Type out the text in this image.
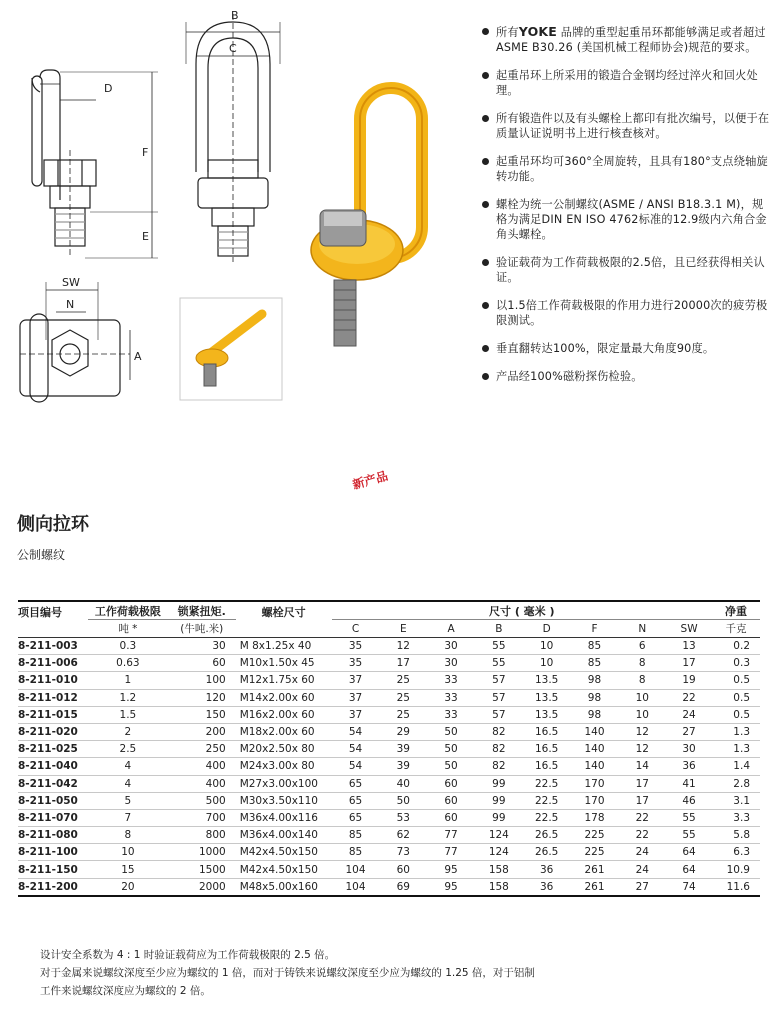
B
C
D
F
E
SW
N
A
所有YOKE 品牌的重型起重吊环都能够满足或者超过ASME B30.26 (美国机械工程师协会)规范的要求。
起重吊环上所采用的锻造合金钢均经过淬火和回火处理。
所有锻造件以及有头螺栓上都印有批次编号，以便于在质量认证说明书上进行核查核对。
起重吊环均可360°全周旋转，且具有180°支点绕轴旋转功能。
螺栓为统一公制螺纹(ASME / ANSI B18.3.1 M)，规格为满足DIN EN ISO 4762标准的12.9级内六角合金角头螺栓。
验证载荷为工作荷载极限的2.5倍，且已经获得相关认证。
以1.5倍工作荷载极限的作用力进行20000次的疲劳极限测试。
垂直翻转达100%，限定量最大角度90度。
产品经100%磁粉探伤检验。
新产品
侧向拉环
公制螺纹
项目编号	工作荷载极限	锁紧扭矩.	螺栓尺寸	尺寸 ( 毫米 )								净重
	吨 *	(牛吨.米)		C	E	A	B	D	F	N	SW	千克
8-211-003	0.3	30	M 8x1.25x 40	35	12	30	55	10	85	6	13	0.2
8-211-006	0.63	60	M10x1.50x 45	35	17	30	55	10	85	8	17	0.3
8-211-010	1	100	M12x1.75x 60	37	25	33	57	13.5	98	8	19	0.5
8-211-012	1.2	120	M14x2.00x 60	37	25	33	57	13.5	98	10	22	0.5
8-211-015	1.5	150	M16x2.00x 60	37	25	33	57	13.5	98	10	24	0.5
8-211-020	2	200	M18x2.00x 60	54	29	50	82	16.5	140	12	27	1.3
8-211-025	2.5	250	M20x2.50x 80	54	39	50	82	16.5	140	12	30	1.3
8-211-040	4	400	M24x3.00x 80	54	39	50	82	16.5	140	14	36	1.4
8-211-042	4	400	M27x3.00x100	65	40	60	99	22.5	170	17	41	2.8
8-211-050	5	500	M30x3.50x110	65	50	60	99	22.5	170	17	46	3.1
8-211-070	7	700	M36x4.00x116	65	53	60	99	22.5	178	22	55	3.3
8-211-080	8	800	M36x4.00x140	85	62	77	124	26.5	225	22	55	5.8
8-211-100	10	1000	M42x4.50x150	85	73	77	124	26.5	225	24	64	6.3
8-211-150	15	1500	M42x4.50x150	104	60	95	158	36	261	24	64	10.9
8-211-200	20	2000	M48x5.00x160	104	69	95	158	36	261	27	74	11.6
设计安全系数为 4 : 1 时验证载荷应为工作荷载极限的 2.5 倍。
对于金属来说螺纹深度至少应为螺纹的 1 倍，而对于铸铁来说螺纹深度至少应为螺纹的 1.25 倍，对于铝制
工件来说螺纹深度应为螺纹的 2 倍。
